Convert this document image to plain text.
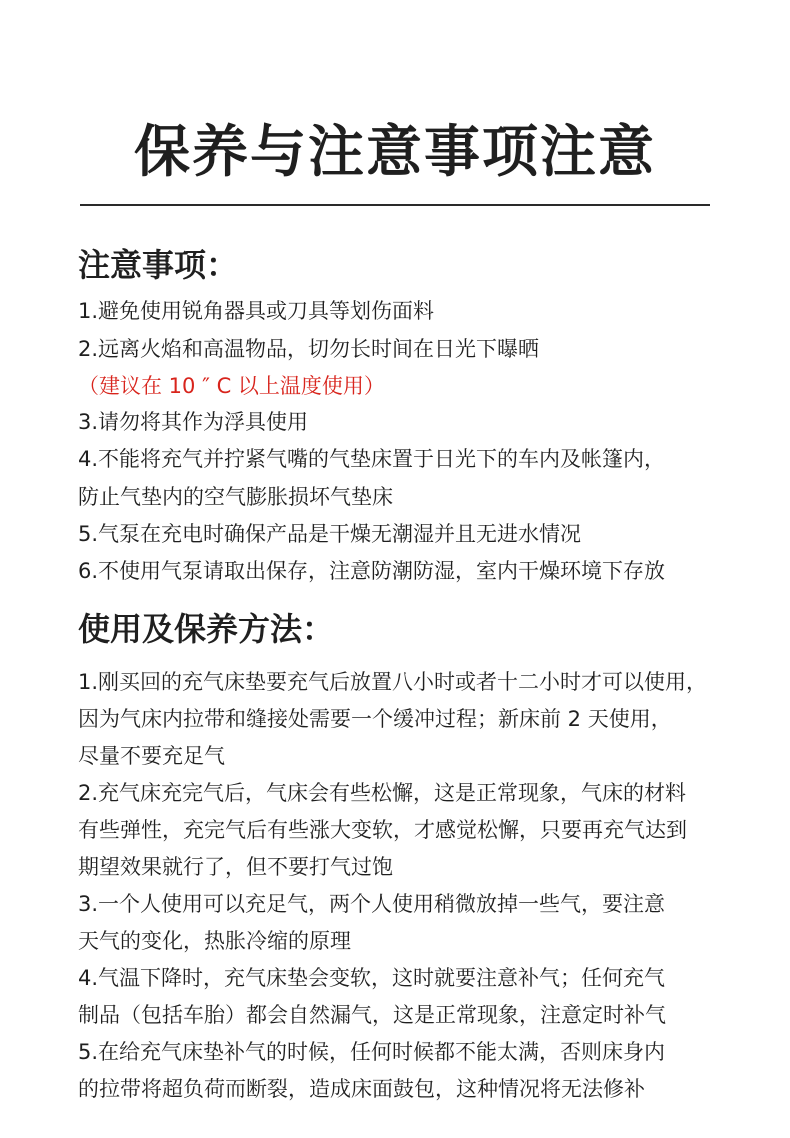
保养与注意事项注意
注意事项：
1.避免使用锐角器具或刀具等划伤面料
2.远离火焰和高温物品，切勿长时间在日光下曝晒
（建议在 10 ″ C 以上温度使用）
3.请勿将其作为浮具使用
4.不能将充气并拧紧气嘴的气垫床置于日光下的车内及帐篷内，
防止气垫内的空气膨胀损坏气垫床
5.气泵在充电时确保产品是干燥无潮湿并且无进水情况
6.不使用气泵请取出保存，注意防潮防湿，室内干燥环境下存放
使用及保养方法：
1.刚买回的充气床垫要充气后放置八小时或者十二小时才可以使用，
因为气床内拉带和缝接处需要一个缓冲过程；新床前 2 天使用，
尽量不要充足气
2.充气床充完气后，气床会有些松懈，这是正常现象，气床的材料
有些弹性，充完气后有些涨大变软，才感觉松懈，只要再充气达到
期望效果就行了，但不要打气过饱
3.一个人使用可以充足气，两个人使用稍微放掉一些气，要注意
天气的变化，热胀冷缩的原理
4.气温下降时，充气床垫会变软，这时就要注意补气；任何充气
制品（包括车胎）都会自然漏气，这是正常现象，注意定时补气
5.在给充气床垫补气的时候，任何时候都不能太满，否则床身内
的拉带将超负荷而断裂，造成床面鼓包，这种情况将无法修补
